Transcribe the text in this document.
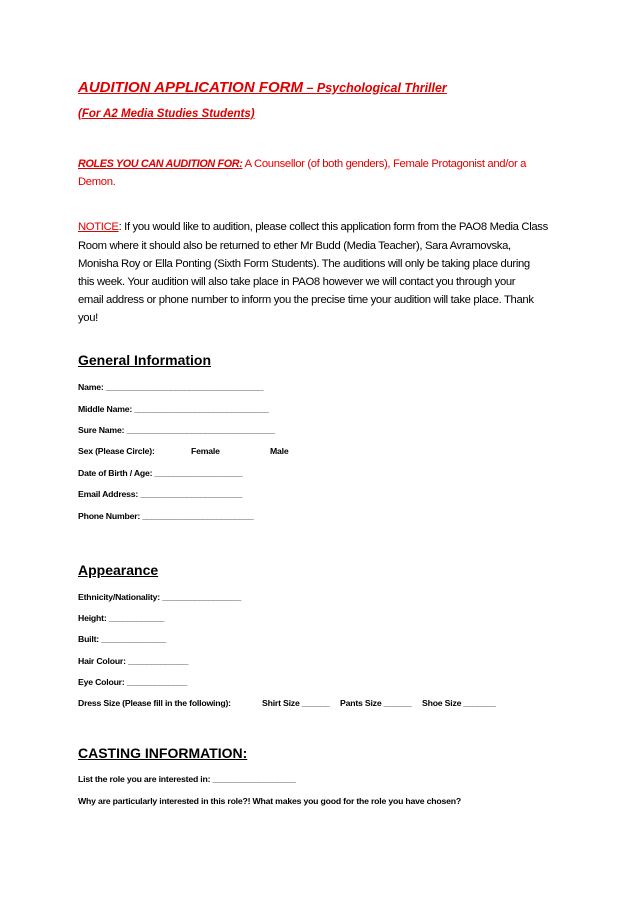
AUDITION APPLICATION FORM – Psychological Thriller
(For A2 Media Studies Students)
ROLES YOU CAN AUDITION FOR: A Counsellor (of both genders), Female Protagonist and/or a
Demon.
NOTICE: If you would like to audition, please collect this application form from the PAO8 Media Class
Room where it should also be returned to ether Mr Budd (Media Teacher), Sara Avramovska,
Monisha Roy or Ella Ponting (Sixth Form Students). The auditions will only be taking place during
this week. Your audition will also take place in PAO8 however we will contact you through your
email address or phone number to inform you the precise time your audition will take place. Thank
you!
General Information
Name: __________________________________
Middle Name: _____________________________
Sure Name: ________________________________
Sex (Please Circle):	Female	Male
Date of Birth / Age: ___________________
Email Address: ______________________
Phone Number: ________________________
Appearance
Ethnicity/Nationality: _________________
Height: ____________
Built: ______________
Hair Colour: _____________
Eye Colour: _____________
Dress Size (Please fill in the following):	Shirt Size ______ Pants Size ______ Shoe Size _______
CASTING INFORMATION:
List the role you are interested in: __________________
Why are particularly interested in this role?! What makes you good for the role you have chosen?
